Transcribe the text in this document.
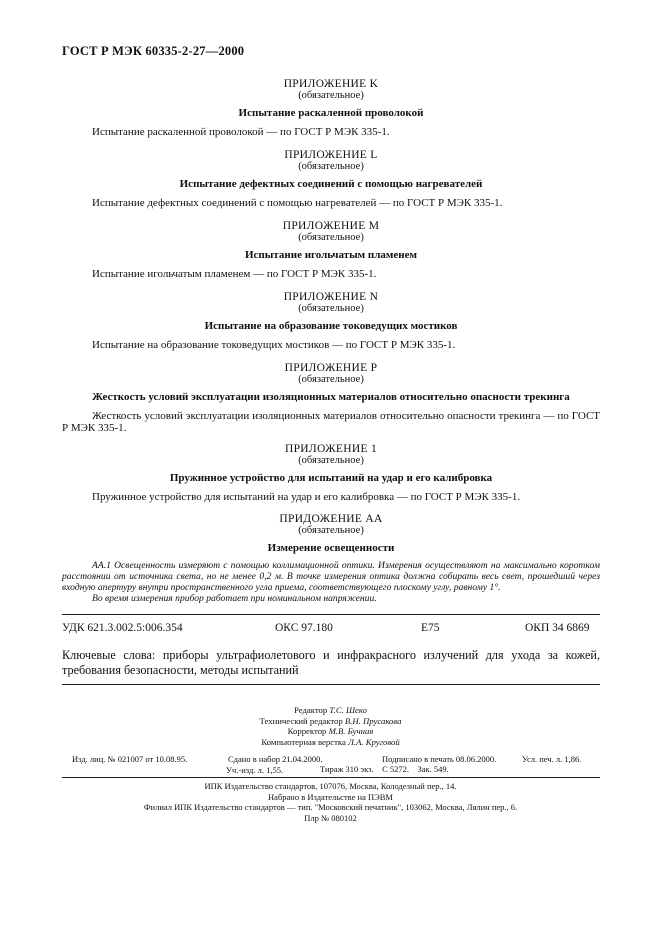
ГОСТ Р МЭК 60335-2-27—2000
ПРИЛОЖЕНИЕ K
(обязательное)
Испытание раскаленной проволокой
Испытание раскаленной проволокой — по ГОСТ Р МЭК 335-1.
ПРИЛОЖЕНИЕ L
(обязательное)
Испытание дефектных соединений с помощью нагревателей
Испытание дефектных соединений с помощью нагревателей — по ГОСТ Р МЭК 335-1.
ПРИЛОЖЕНИЕ M
(обязательное)
Испытание игольчатым пламенем
Испытание игольчатым пламенем — по ГОСТ Р МЭК 335-1.
ПРИЛОЖЕНИЕ N
(обязательное)
Испытание на образование токоведущих мостиков
Испытание на образование токоведущих мостиков — по ГОСТ Р МЭК 335-1.
ПРИЛОЖЕНИЕ P
(обязательное)
Жесткость условий эксплуатации изоляционных материалов относительно опасности трекинга
Жесткость условий эксплуатации изоляционных материалов относительно опасности трекинга — по ГОСТ Р МЭК 335-1.
ПРИЛОЖЕНИЕ 1
(обязательное)
Пружинное устройство для испытаний на удар и его калибровка
Пружинное устройство для испытаний на удар и его калибровка — по ГОСТ Р МЭК 335-1.
ПРИДОЖЕНИЕ АА
(обязательное)
Измерение освещенности

АА.1 Освещенность измеряют с помощью коллимационной оптики. Измерения осуществляют на максимально коротком расстоянии от источника света, но не менее 0,2 м. В точке измерения оптика должна собирать весь свет, прошедший через входную апертуру внутри пространственного угла приема, соответствующего плоскому углу, равному 1°.

Во время измерения прибор работает при номинальном напряжении.

УДК 621.3.002.5:006.354	ОКС 97.180	Е75	ОКП 34 6869
Ключевые слова: приборы ультрафиолетового и инфракрасного излучений для ухода за кожей, требования безопасности, методы испытаний
Редактор Т.С. Шеко
Технический редактор В.Н. Прусакова
Корректор М.В. Бучная
Компьютерная верстка Л.А. Круговой
Изд. лиц. № 021007 от 10.08.95.	Сдано в набор 21.04.2000.
Уч.-изд. л. 1,55.
Подписано в печать 08.06.2000.
Тираж 310 экз. С 5272. Зак. 549.
Усл. печ. л. 1,86.
ИПК Издательство стандартов, 107076, Москва, Колодезный пер., 14.
Набрано в Издательстве на ПЭВМ
Филиал ИПК Издательство стандартов — тип. "Московский печатник", 103062, Москва, Лялин пер., 6.
Плр № 080102
